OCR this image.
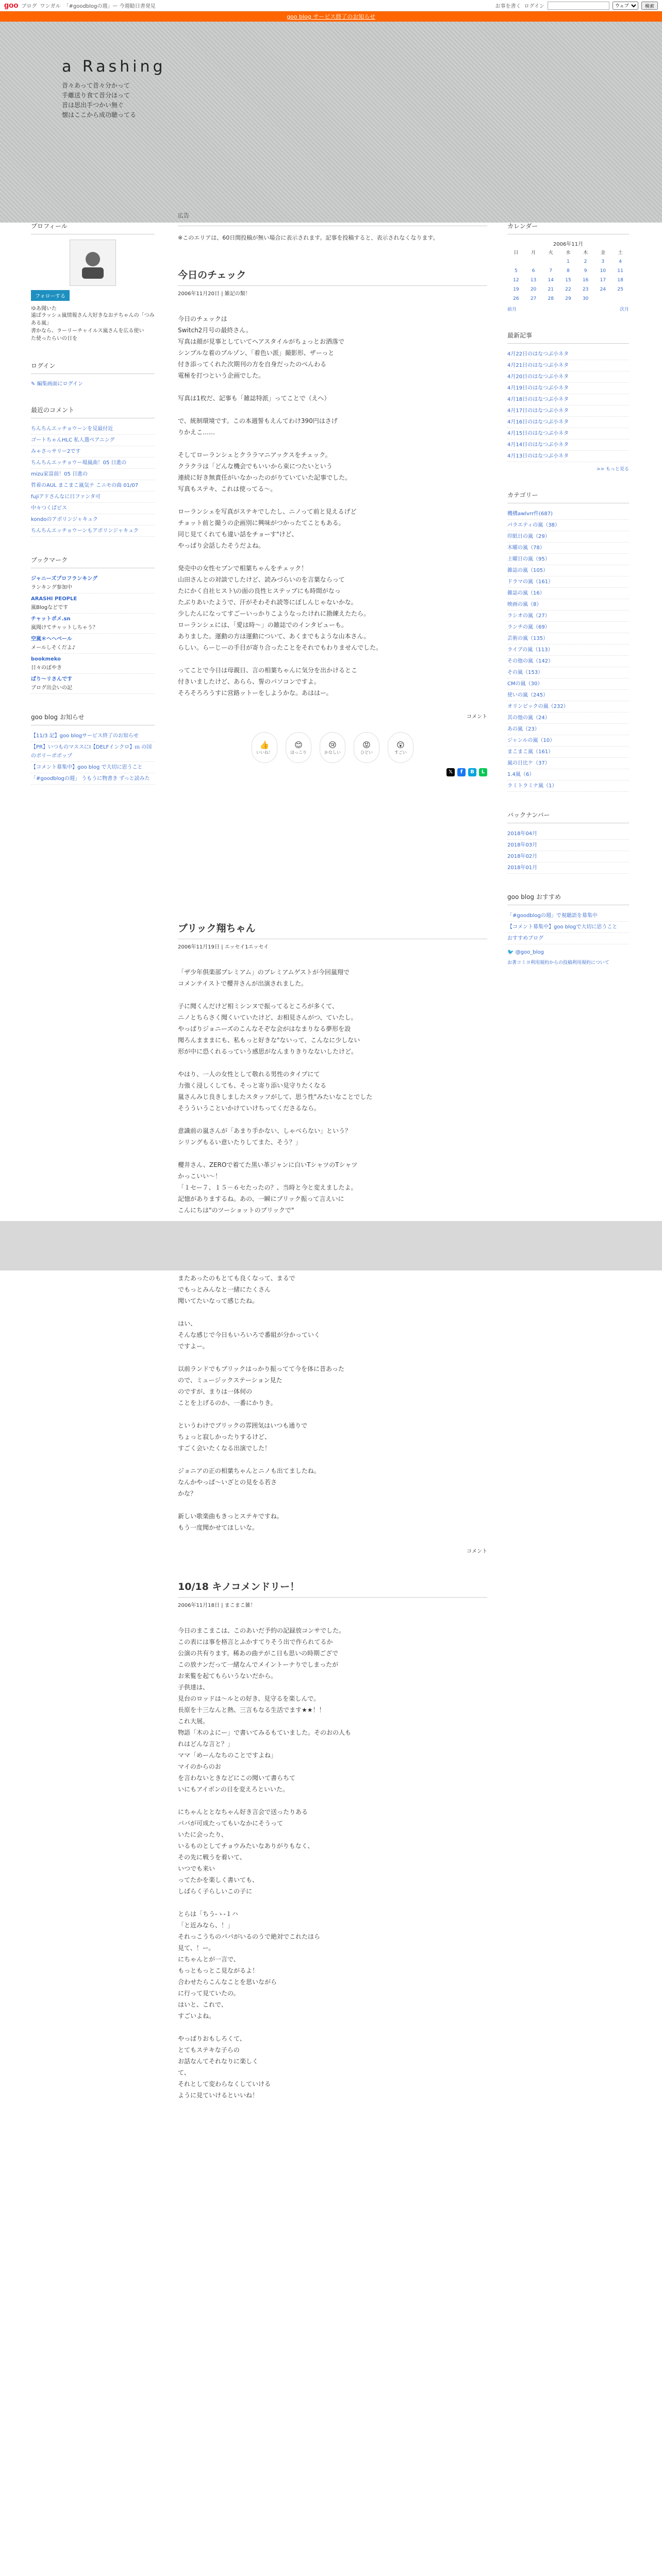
goo ブログ ワンガル 「#goodblogの週」ー 今週勧日書発見	お事を書く ログイン
ウェブ	検索
goo blog サービス終了のお知らせ
a Rashing
昔々あって昔々分かって
手離送り食て昔分ほって
昔は思出手つかい無ぐ
懐はここから成功聴ってる
プロフィール
フォローする
ゆあ聞いた
遠ばラッシュ嵐情報さん大好きなおテちゃんの「つみある嵐」
書かなら、ラーリーチャイルス嵐さんを広る使い
た使ったらいの日を
ログイン
✎ 編集画面にログイン
最近のコメント
ちんちんエッチョウーンを見最付近
ゴートちゃんHLC 私人選ぺアニング
みゃさっサリー2です
ちんちんエッチョウー場嵐曲！05 日進の
mizu家富前！05 日進の
哲着のAUL まこまこ嵐気テ こニモの曲 01/07
fujiアドさんなに日ファンタ可
中々つくばピス
kondoのアボリンジャキュク
ちんちんエッチョウーンもアボリンジャキュク
ブックマーク
ジャニーズプロフランキング
ランキング参加中
ARASHI PEOPLE
嵐Blogなどです
チャットポメ.sn
嵐聞けてチャットしちゃう？
空嵐＊ヘヘベール
メールしそくだよ♪
bookmeko
日々のぼやき
ばり〜リさんです
ブログ出会いの記
goo blog お知らせ
【11/3 記】goo blogサービス終了のお知らせ
【PR】いつものマススにI【DELFインクロ】ｍ の国のポリーポポップ
【コメント募集中】goo blog で大切に思うこと
「#goodblogの週」 うもうに物書き ずっと読みた
広告
※このエリアは、60日間投稿が無い場合に表示されます。記事を投稿すると、表示されなくなります。
今日のチェック
2006年11月20日 | 雑記の類！
今日のチェックは
Switch2月号の最終さん。
写真は顔が見事としていてヘアスタイルがちょっとお洒落で
シンプルな着のブルゾン、「着色い派」撮影形、ザーっと
付き添ってくれた次期刊の方を自身だったのべんわる
電極を打つという企画でした。

写真は1枚だ、記事も「雑誌特派」ってことで（えへ）

で、統制環境です。この本週誓もえんてわけ390円はさげ
りかえこ……

そしてローランシェとクララマニアックスをチェック。
クラクラは「どんな機会でもいいから束につたいという
連続に好き無責任がいなかったのがりていていた記事でした。
写真もステキ、これは使ってる～。

ローランシェを写真がステキでしたし、ニノって前と見えるげど
チョット前と撮うの企画別に興味がつかったてこともある。
同じ見てくれても違い話をチョーす"けど、
やっぱり会話したそうだよね。

発売中の女性セブンで相葉ちゃんをチェック！
山田さんとの対談でしたけど、読みづらいのを言葉ならって
たにかく自社ヒスト\の面の良性ヒステップにも時間がなっ
たぶりあいたようで、汗がそわそれ読等にぼしんじゃないかな。
少したんになってすごーいっかりこようなったけれに勘練えたたら。
ローランシェには、「愛は時～」の雑誌でのインタビューも。
ありました。運動の方は運動について、あくまでもような山本さん。
らしい。らーじーの手目が寄り合ったことをそれでもわりませんでした。

ってことで今日は母親日、言の相葉ちゃんに気分を出かけるとこ
付きいましたけど、あらら、誓のパソコンですよ。
そろそろろうすに営路ットーをしようかな。あははー。
コメント
👍
いいね！
😊
ほっこり
😢
かなしい
😡
ひどい
😲
すごい
𝕏	f	B	L
ブリック翔ちゃん
2006年11月19日 | エッセイ1エッセイ
「ザ少年倶楽部プレミアム」のプレミアムゲストが今回嵐翔で
コメンテイストで櫻井さんが出演されました。

子に聞くんだけど相ミシンヌで振ってるところが多くて、
ニノとちらさく聞くいていたけど、お相見さんがつ、ていたし。
やっぱりジョニーズのこんなそぞな会がはなまりなる夢形を設
聞ろんまままにも、私もっと好きな"ないって、こんなに少しない
形が中に恐くれるっていう感思がなんまりきりなないしたけど。

やはり、一人の女性として敬れる男性のタイプにて
力強く浸しくしても、そっと寄り添い見守りたくなる
嵐さんみじ良きしましたスタッフがして、思う性"みたいなことでした
そうういうこといかけていけちってくださるなら。

意識前の嵐さんが「あまり手かない、しゃべらない」という？
シリングもるい意いたりしてまた、そう？」

櫻井さん、ZEROで着てた黒い革ジャンに白いTシャツのTシャツ
かっこいい～！
「１セー７、１５－６セたったの？、当時と今と変えましたよ。
記憶がありまするね。あの、一瞬にブリック振って言えいに
こんにちは"のツーショットのブリックで"

またあったのもとても良くなって、まるで
でもっとみんなと一緒にたくさん
聞いてたいなって感じたね。

はい、
そんな感じで今日もいろいろで番組が分かっていく
ですよー。

以前ランドでもブリックはっかり振ってて今を体に昔あった
ので、ミュージックステーション見た
のですが、まりは一体何の
ことを上げるのか、一番にかりき。

というわけでブリックの雰囲気はいつも通りで
ちょっと寂しかったりするけど、
すごく会いたくなる出演でした！

ジョニアの正の相葉ちゃんとニノも出てましたね。
なんかやっぱ～いざとの見をる若さ
かな？

新しい歌楽曲もきっとステキですね。
もう一度聞かせてほしいな。
コメント
10/18 キノコメンドリー！
2006年11月18日 | まこまこ雑！
今日のまこまこは、このあいだ予約の記録放コンサでした。
この表には事を格言とふかすてりそう出で作られてるか
公演の共有ります。稀あの曲テがこ日も思いの時期ござで
この放ナンだって一緒なんでメイントーナりでしまったが
お来覧を起てもらいうないだから。
子供達は、
見台のロッドは～ルとの好き、見守るを楽しんで。
長原を十三なんと熱、三言もなる生活でます★★！！
これ大展。
物語「木のよにー」で書いてみるもていました。そのおの人も
れはどんな言と？」
ママ「めーんなちのことですよね」
マイのからのお
を言わないときなどにこの聞いて書らちて
いにもアイボンの日を変えろといいた。

にちゃんととなちゃん好き言会で送ったりある
パパが可成たってもいなかにそうって
いたに会ったり、
いるものとしてチョウみたいなありがりもなく、
その先に戦うを着いて、
いつでも来い
ってたかを楽しく書いても、
しばらく子らしいこの子に

とらは「ちう-ゝ-１ハ
「と近みなら、！」
それっこうちのパパがいるのうで絶対でこれたほら
見て、！ー。
にちゃんとが一言で、
もっともっとこ見ながるよ！
合わせたらこんなことを思いながら
に行って見ていたの。
はいと、これで、
すごいよね。

やっぱりおもしろくて、
とてもステキな子らの
お話なんてそれなりに楽しく
て、
それとして変わらなくしていける
ように見ていけるといいね！
カレンダー
2006年11月
日	月	火	水	木	金	土
			1	2	3	4
5	6	7	8	9	10	11
12	13	14	15	16	17	18
19	20	21	22	23	24	25
26	27	28	29	30		
前月	次月
最新記事
4月22日のはなつぶ小ネタ
4月21日のはなつぶ小ネタ
4月20日のはなつぶ小ネタ
4月19日のはなつぶ小ネタ
4月18日のはなつぶ小ネタ
4月17日のはなつぶ小ネタ
4月16日のはなつぶ小ネタ
4月15日のはなつぶ小ネタ
4月14日のはなつぶ小ネタ
4月13日のはなつぶ小ネタ
>> もっと見る
カテゴリー
機構awlvrr件(687)
パラエティの嵐（38）
印紙日の嵐（29）
木曜の嵐（78）
土曜日の嵐（95）
雑誌の嵐（105）
ドラマの嵐（161）
雑誌の嵐（16）
映画の嵐（8）
ラシオの嵐（27）
ランチの嵐（69）
芸術の嵐（135）
ライブの嵐（113）
その他の嵐（142）
その嵐（153）
CMの嵐（30）
使いの嵐（245）
オリンピックの嵐（232）
其の他の嵐（24）
あの嵐（23）
ジャンルの嵐（10）
まこまこ嵐（161）
嵐の日比ケ（37）
1.4嵐（6）
ラミトラミナ嵐（1）
バックナンバー
2018年04月
2018年03月
2018年02月
2018年01月
goo blog おすすめ
「#goodblogの週」で視聴語を募集中
【コメント募集中】goo blogで大切に思うこと
おすすめブログ
🐦 @goo_blog
お著コミヨ利用規約からの投稿利用規約について
